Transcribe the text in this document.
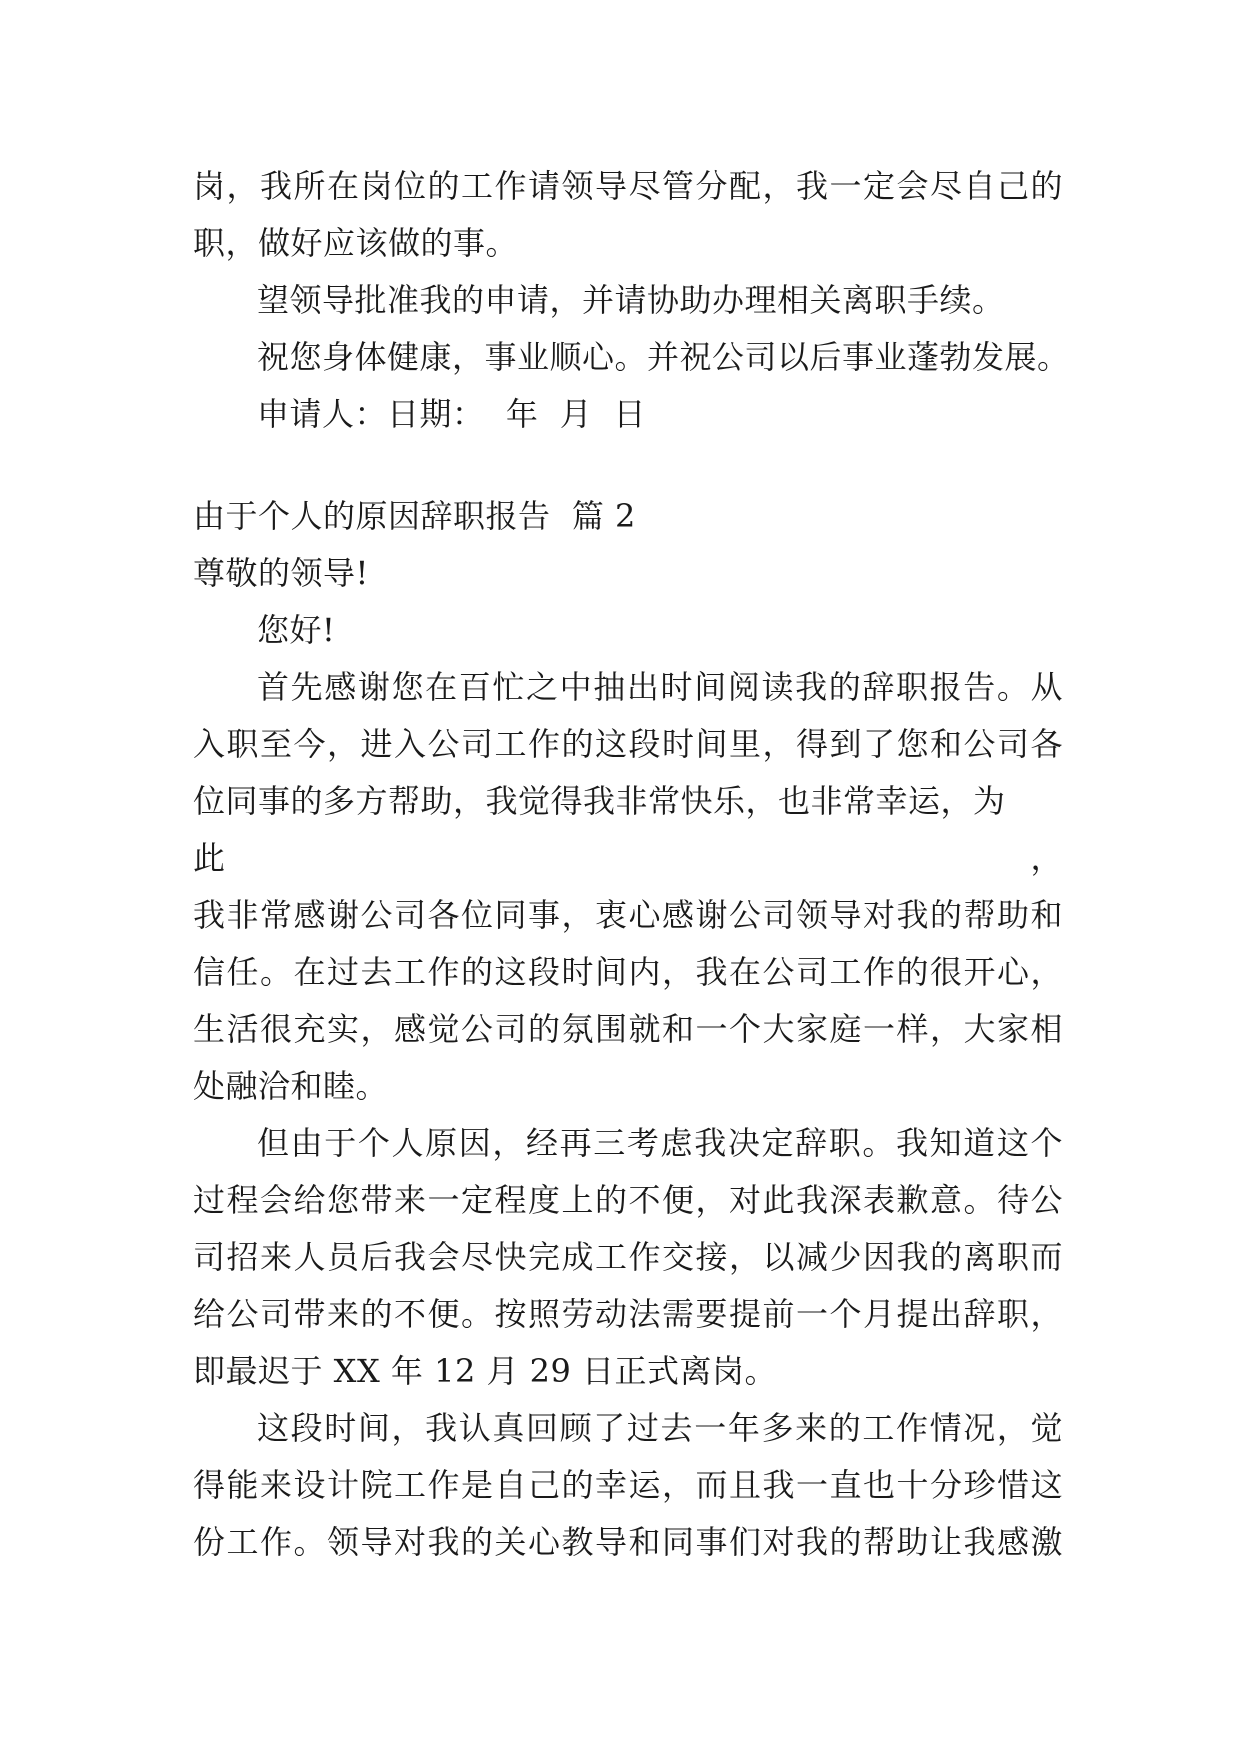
岗，我所在岗位的工作请领导尽管分配，我一定会尽自己的
职，做好应该做的事。
望领导批准我的申请，并请协助办理相关离职手续。
祝您身体健康，事业顺心。并祝公司以后事业蓬勃发展。
申请人：日期：  年  月  日
由于个人的原因辞职报告  篇 2
尊敬的领导!
您好!
首先感谢您在百忙之中抽出时间阅读我的辞职报告。从
入职至今，进入公司工作的这段时间里，得到了您和公司各
位同事的多方帮助，我觉得我非常快乐，也非常幸运，为此，
我非常感谢公司各位同事，衷心感谢公司领导对我的帮助和
信任。在过去工作的这段时间内，我在公司工作的很开心，
生活很充实，感觉公司的氛围就和一个大家庭一样，大家相
处融洽和睦。
但由于个人原因，经再三考虑我决定辞职。我知道这个
过程会给您带来一定程度上的不便，对此我深表歉意。待公
司招来人员后我会尽快完成工作交接，以减少因我的离职而
给公司带来的不便。按照劳动法需要提前一个月提出辞职，
即最迟于 XX 年 12 月 29 日正式离岗。
这段时间，我认真回顾了过去一年多来的工作情况，觉
得能来设计院工作是自己的幸运，而且我一直也十分珍惜这
份工作。领导对我的关心教导和同事们对我的帮助让我感激
